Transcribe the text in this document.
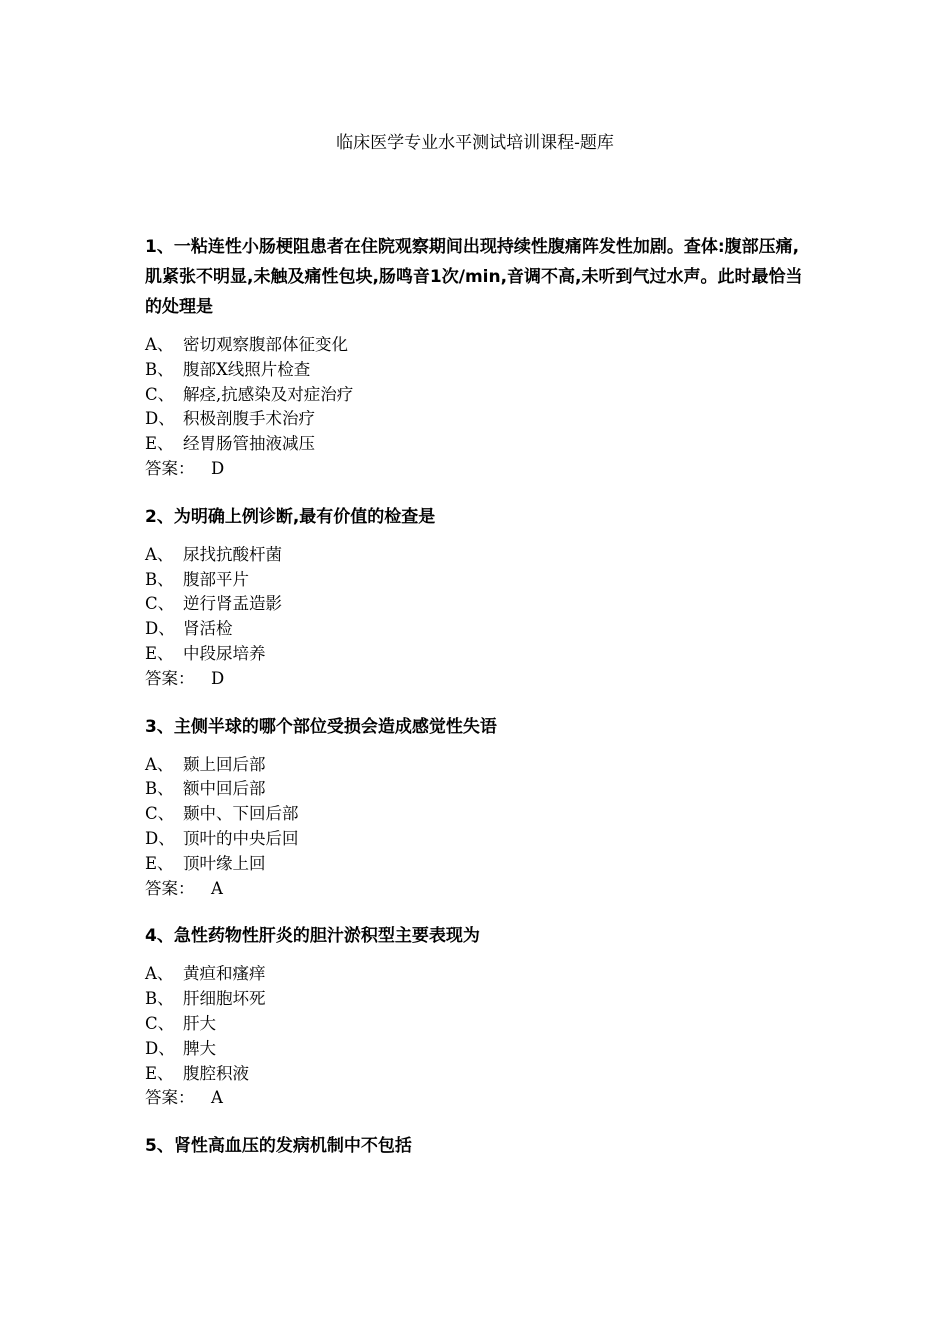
临床医学专业水平测试培训课程-题库
1、一粘连性小肠梗阻患者在住院观察期间出现持续性腹痛阵发性加剧。查体:腹部压痛,肌紧张不明显,未触及痛性包块,肠鸣音1次/min,音调不高,未听到气过水声。此时最恰当的处理是
A、 密切观察腹部体征变化
B、 腹部X线照片检查
C、 解痉,抗感染及对症治疗
D、 积极剖腹手术治疗
E、 经胃肠管抽液减压
答案： D
2、为明确上例诊断,最有价值的检查是
A、 尿找抗酸杆菌
B、 腹部平片
C、 逆行肾盂造影
D、 肾活检
E、 中段尿培养
答案： D
3、主侧半球的哪个部位受损会造成感觉性失语
A、 颞上回后部
B、 额中回后部
C、 颞中、下回后部
D、 顶叶的中央后回
E、 顶叶缘上回
答案： A
4、急性药物性肝炎的胆汁淤积型主要表现为
A、 黄疸和瘙痒
B、 肝细胞坏死
C、 肝大
D、 脾大
E、 腹腔积液
答案： A
5、肾性高血压的发病机制中不包括
